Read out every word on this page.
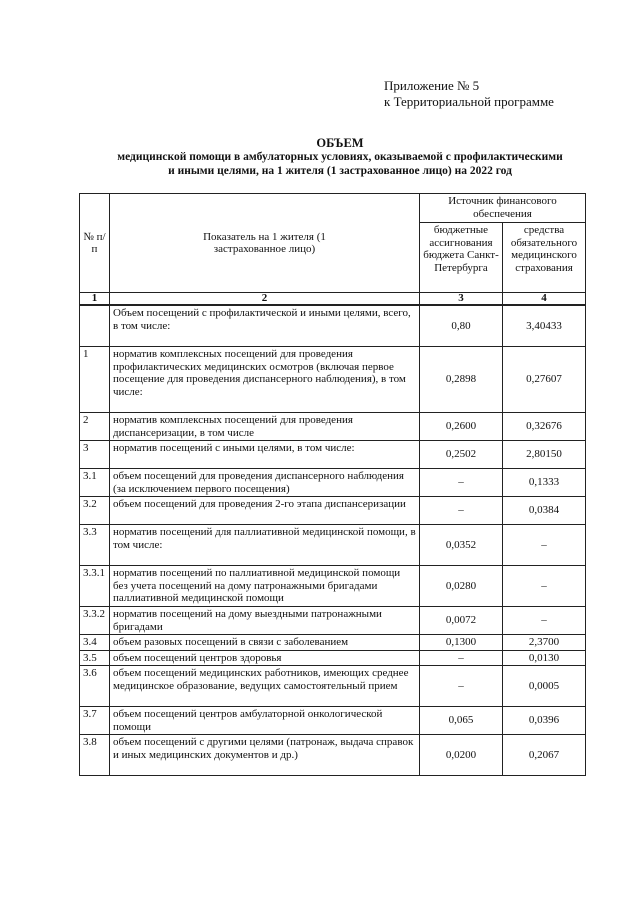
Приложение № 5
к Территориальной программе
ОБЪЕМ
медицинской помощи в амбулаторных условиях, оказываемой с профилактическими
и иными целями, на 1 жителя (1 застрахованное лицо) на 2022 год
№ п/п	Показатель на 1 жителя (1 застрахованное лицо)	Источник финансового обеспечения	
		бюджетные ассигнования бюджета Санкт-Петербурга	средства обязательного медицинского страхования
1	2	3	4
	Объем посещений с профилактической и иными целями, всего, в том числе:	0,80	3,40433
1	норматив комплексных посещений для проведения профилактических медицинских осмотров (включая первое посещение для проведения диспансерного наблюдения), в том числе:	0,2898	0,27607
2	норматив комплексных посещений для проведения диспансеризации, в том числе	0,2600	0,32676
3	норматив посещений с иными целями, в том числе:	0,2502	2,80150
3.1	объем посещений для проведения диспансерного наблюдения (за исключением первого посещения)	–	0,1333
3.2	объем посещений для проведения 2-го этапа диспансеризации	–	0,0384
3.3	норматив посещений для паллиативной медицинской помощи, в том числе:	0,0352	–
3.3.1	норматив посещений по паллиативной медицинской помощи без учета посещений на дому патронажными бригадами паллиативной медицинской помощи	0,0280	–
3.3.2	норматив посещений на дому выездными патронажными бригадами	0,0072	–
3.4	объем разовых посещений в связи с заболеванием	0,1300	2,3700
3.5	объем посещений центров здоровья	–	0,0130
3.6	объем посещений медицинских работников, имеющих среднее медицинское образование, ведущих самостоятельный прием	–	0,0005
3.7	объем посещений центров амбулаторной онкологической помощи	0,065	0,0396
3.8	объем посещений с другими целями (патронаж, выдача справок и иных медицинских документов и др.)	0,0200	0,2067
